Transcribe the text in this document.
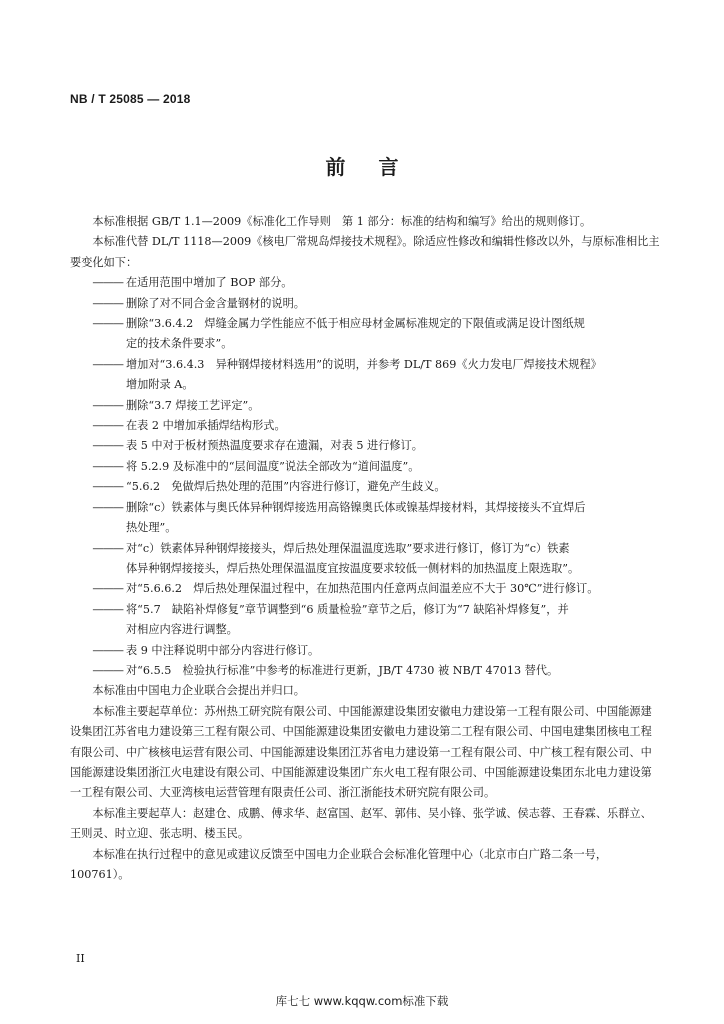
NB / T 25085 — 2018
前 言

本标准根据 GB/T 1.1—2009《标准化工作导则　第 1 部分：标准的结构和编写》给出的规则修订。

本标准代替 DL/T 1118—2009《核电厂常规岛焊接技术规程》。除适应性修改和编辑性修改以外，与原标准相比主要变化如下：

——— 在适用范围中增加了 BOP 部分。

——— 删除了对不同合金含量钢材的说明。

——— 删除“3.6.4.2　焊缝金属力学性能应不低于相应母材金属标准规定的下限值或满足设计图纸规
定的技术条件要求”。

——— 增加对“3.6.4.3　异种钢焊接材料选用”的说明，并参考 DL/T 869《火力发电厂焊接技术规程》
增加附录 A。

——— 删除“3.7 焊接工艺评定”。

——— 在表 2 中增加承插焊结构形式。

——— 表 5 中对于板材预热温度要求存在遗漏，对表 5 进行修订。

——— 将 5.2.9 及标准中的“层间温度”说法全部改为“道间温度”。

——— “5.6.2　免做焊后热处理的范围”内容进行修订，避免产生歧义。

——— 删除“c）铁素体与奥氏体异种钢焊接选用高铬镍奥氏体或镍基焊接材料，其焊接接头不宜焊后
热处理”。

——— 对“c）铁素体异种钢焊接接头，焊后热处理保温温度选取”要求进行修订，修订为“c）铁素
体异种钢焊接接头，焊后热处理保温温度宜按温度要求较低一侧材料的加热温度上限选取”。

——— 对“5.6.6.2　焊后热处理保温过程中，在加热范围内任意两点间温差应不大于 30℃”进行修订。

——— 将“5.7　缺陷补焊修复”章节调整到“6 质量检验”章节之后，修订为“7 缺陷补焊修复”，并
对相应内容进行调整。

——— 表 9 中注释说明中部分内容进行修订。

——— 对“6.5.5　检验执行标准”中参考的标准进行更新，JB/T 4730 被 NB/T 47013 替代。

本标准由中国电力企业联合会提出并归口。

本标准主要起草单位：苏州热工研究院有限公司、中国能源建设集团安徽电力建设第一工程有限公司、中国能源建设集团江苏省电力建设第三工程有限公司、中国能源建设集团安徽电力建设第二工程有限公司、中国电建集团核电工程有限公司、中广核核电运营有限公司、中国能源建设集团江苏省电力建设第一工程有限公司、中广核工程有限公司、中国能源建设集团浙江火电建设有限公司、中国能源建设集团广东火电工程有限公司、中国能源建设集团东北电力建设第一工程有限公司、大亚湾核电运营管理有限责任公司、浙江浙能技术研究院有限公司。

本标准主要起草人：赵建仓、成鹏、傅求华、赵富国、赵军、郭伟、吴小锋、张学诚、侯志蓉、王春霖、乐群立、王则灵、时立迎、张志明、楼玉民。

本标准在执行过程中的意见或建议反馈至中国电力企业联合会标准化管理中心（北京市白广路二条一号，100761）。

II
库七七 www.kqqw.com标准下载
